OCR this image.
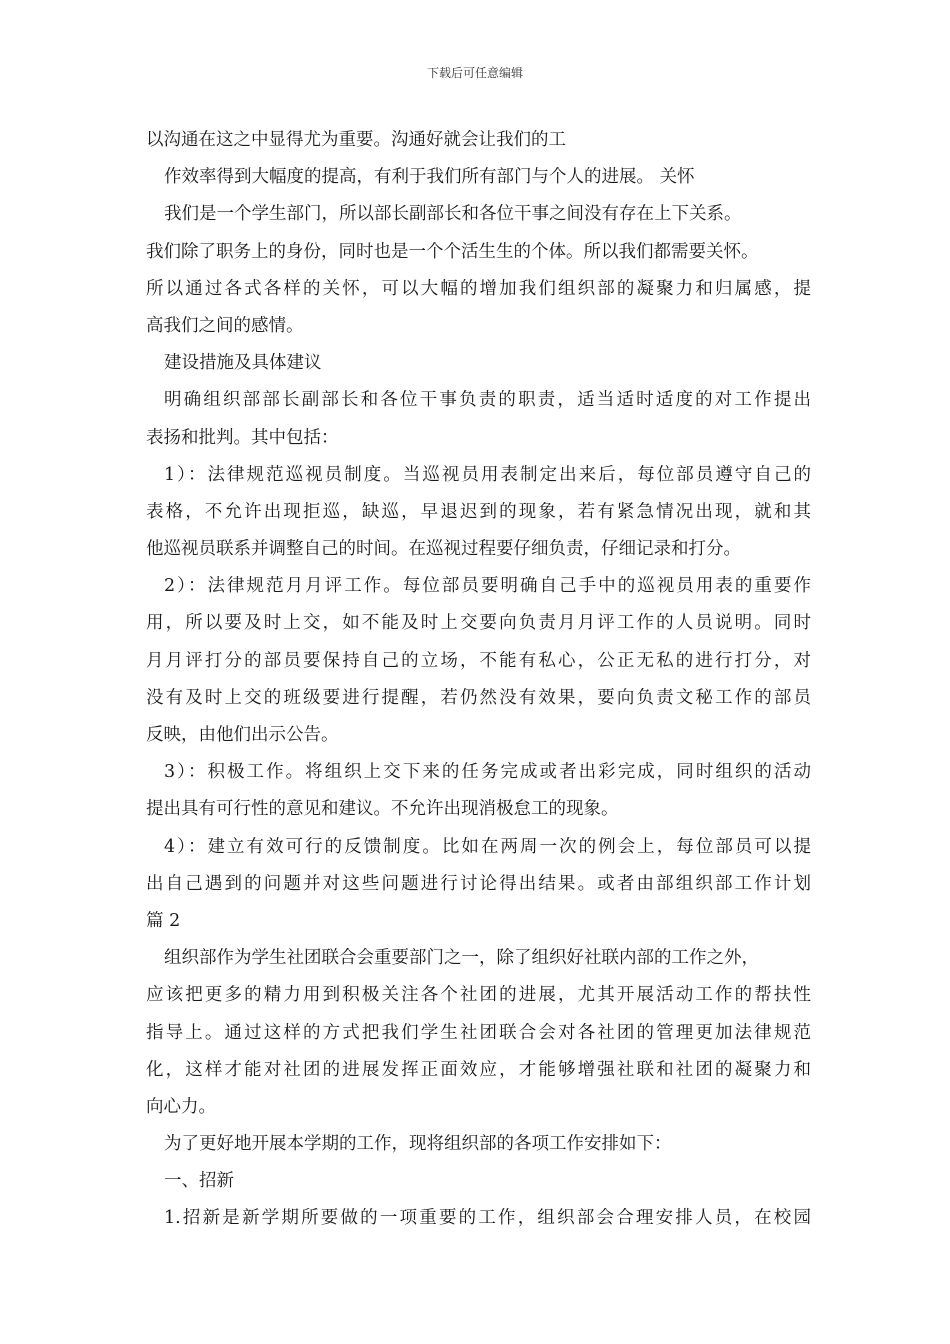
下载后可任意编辑
以沟通在这之中显得尤为重要。沟通好就会让我们的工
作效率得到大幅度的提高，有利于我们所有部门与个人的进展。 关怀
我们是一个学生部门，所以部长副部长和各位干事之间没有存在上下关系。
我们除了职务上的身份，同时也是一个个活生生的个体。所以我们都需要关怀。
所以通过各式各样的关怀，可以大幅的增加我们组织部的凝聚力和归属感，提
高我们之间的感情。
建设措施及具体建议
明确组织部部长副部长和各位干事负责的职责，适当适时适度的对工作提出
表扬和批判。其中包括：
1）：法律规范巡视员制度。当巡视员用表制定出来后，每位部员遵守自己的
表格，不允许出现拒巡，缺巡，早退迟到的现象，若有紧急情况出现，就和其
他巡视员联系并调整自己的时间。在巡视过程要仔细负责，仔细记录和打分。
2）：法律规范月月评工作。每位部员要明确自己手中的巡视员用表的重要作
用，所以要及时上交，如不能及时上交要向负责月月评工作的人员说明。同时
月月评打分的部员要保持自己的立场，不能有私心，公正无私的进行打分，对
没有及时上交的班级要进行提醒，若仍然没有效果，要向负责文秘工作的部员
反映，由他们出示公告。
3）：积极工作。将组织上交下来的任务完成或者出彩完成，同时组织的活动
提出具有可行性的意见和建议。不允许出现消极怠工的现象。
4）：建立有效可行的反馈制度。比如在两周一次的例会上，每位部员可以提
出自己遇到的问题并对这些问题进行讨论得出结果。或者由部组织部工作计划
篇 2
组织部作为学生社团联合会重要部门之一，除了组织好社联内部的工作之外，
应该把更多的精力用到积极关注各个社团的进展，尤其开展活动工作的帮扶性
指导上。通过这样的方式把我们学生社团联合会对各社团的管理更加法律规范
化，这样才能对社团的进展发挥正面效应，才能够增强社联和社团的凝聚力和
向心力。
为了更好地开展本学期的工作，现将组织部的各项工作安排如下：
一、招新
1.招新是新学期所要做的一项重要的工作，组织部会合理安排人员，在校园
